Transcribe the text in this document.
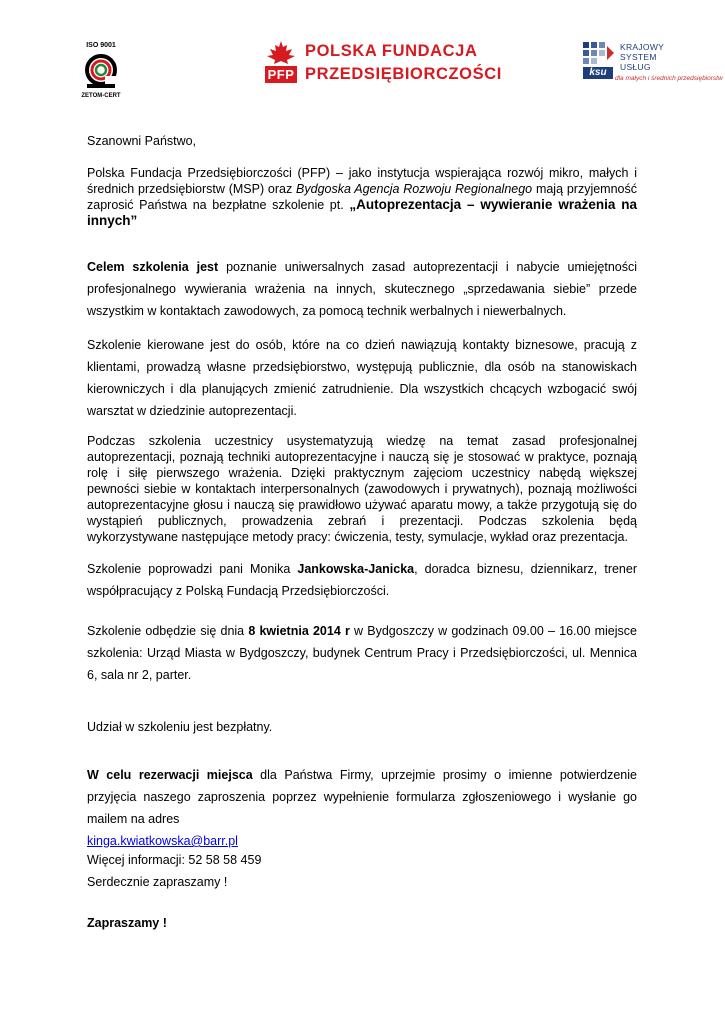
ISO 9001
ZETOM-CERT
PFP
POLSKA FUNDACJA
PRZEDSIĘBIORCZOŚCI	ksu
KRAJOWY
SYSTEM
USŁUG
dla małych i średnich przedsiębiorstw

Szanowni Państwo,

Polska Fundacja Przedsiębiorczości (PFP) – jako instytucja wspierająca rozwój mikro, małych i średnich przedsiębiorstw (MSP) oraz Bydgoska Agencja Rozwoju Regionalnego mają przyjemność zaprosić Państwa na bezpłatne szkolenie pt. „Autoprezentacja – wywieranie wrażenia na innych”

Celem szkolenia jest poznanie uniwersalnych zasad autoprezentacji i nabycie umiejętności profesjonalnego wywierania wrażenia na innych, skutecznego „sprzedawania siebie” przede wszystkim w kontaktach zawodowych, za pomocą technik werbalnych i niewerbalnych.

Szkolenie kierowane jest do osób, które na co dzień nawiązują kontakty biznesowe, pracują z klientami, prowadzą własne przedsiębiorstwo, występują publicznie, dla osób na stanowiskach kierowniczych i dla planujących zmienić zatrudnienie. Dla wszystkich chcących wzbogacić swój warsztat w dziedzinie autoprezentacji.

Podczas szkolenia uczestnicy usystematyzują wiedzę na temat zasad profesjonalnej autoprezentacji, poznają techniki autoprezentacyjne i nauczą się je stosować w praktyce, poznają rolę i siłę pierwszego wrażenia. Dzięki praktycznym zajęciom uczestnicy nabędą większej pewności siebie w kontaktach interpersonalnych (zawodowych i prywatnych), poznają możliwości autoprezentacyjne głosu i nauczą się prawidłowo używać aparatu mowy, a także przygotują się do wystąpień publicznych, prowadzenia zebrań i prezentacji. Podczas szkolenia będą wykorzystywane następujące metody pracy: ćwiczenia, testy, symulacje, wykład oraz prezentacja.

Szkolenie poprowadzi pani Monika Jankowska-Janicka, doradca biznesu, dziennikarz, trener współpracujący z Polską Fundacją Przedsiębiorczości.

Szkolenie odbędzie się dnia 8 kwietnia 2014 r w Bydgoszczy w godzinach 09.00 – 16.00 miejsce szkolenia: Urząd Miasta w Bydgoszczy, budynek Centrum Pracy i Przedsiębiorczości, ul. Mennica 6, sala nr 2, parter.

Udział w szkoleniu jest bezpłatny.

W celu rezerwacji miejsca dla Państwa Firmy, uprzejmie prosimy o imienne potwierdzenie przyjęcia naszego zaproszenia poprzez wypełnienie formularza zgłoszeniowego i wysłanie go mailem na adres
kinga.kwiatkowska@barr.pl

Więcej informacji: 52 58 58 459

Serdecznie zapraszamy !

Zapraszamy !
